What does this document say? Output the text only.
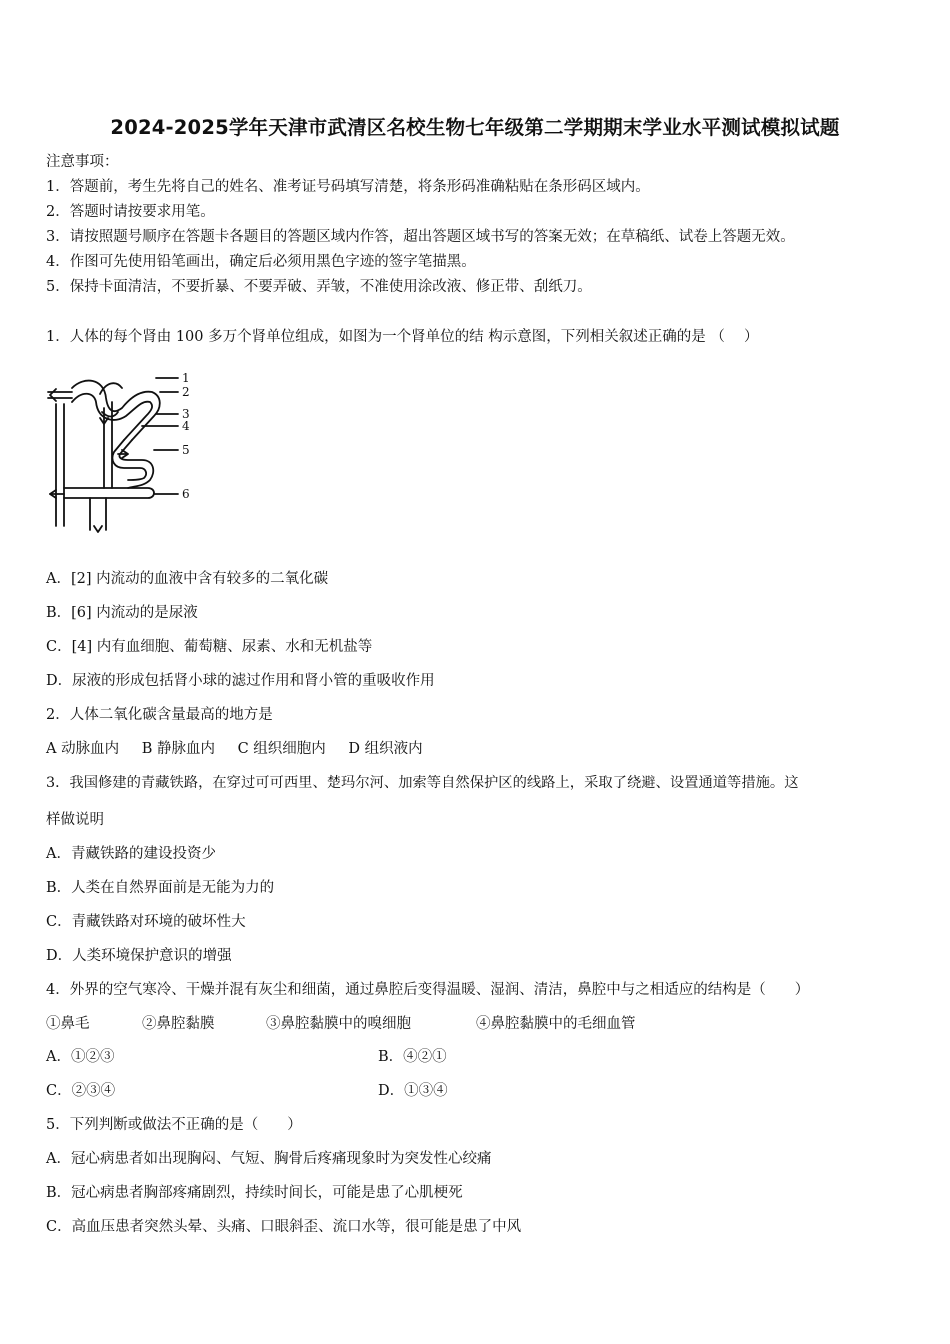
2024-2025学年天津市武清区名校生物七年级第二学期期末学业水平测试模拟试题
注意事项：
1．答题前，考生先将自己的姓名、准考证号码填写清楚，将条形码准确粘贴在条形码区域内。
2．答题时请按要求用笔。
3．请按照题号顺序在答题卡各题目的答题区域内作答，超出答题区域书写的答案无效；在草稿纸、试卷上答题无效。
4．作图可先使用铅笔画出，确定后必须用黑色字迹的签字笔描黑。
5．保持卡面清洁，不要折暴、不要弄破、弄皱，不准使用涂改液、修正带、刮纸刀。
1．人体的每个肾由 100 多万个肾单位组成，如图为一个肾单位的结 构示意图，下列相关叙述正确的是 （　 ）
1
2
3
4
5
6
A．[2] 内流动的血液中含有较多的二氧化碳
B．[6] 内流动的是尿液
C．[4] 内有血细胞、葡萄糖、尿素、水和无机盐等
D．尿液的形成包括肾小球的滤过作用和肾小管的重吸收作用
2．人体二氧化碳含量最高的地方是
A 动脉血内 B 静脉血内 C 组织细胞内 D 组织液内
3．我国修建的青藏铁路，在穿过可可西里、楚玛尔河、加索等自然保护区的线路上，采取了绕避、设置通道等措施。这
样做说明
A．青藏铁路的建设投资少
B．人类在自然界面前是无能为力的
C．青藏铁路对环境的破坏性大
D．人类环境保护意识的增强
4．外界的空气寒冷、干燥并混有灰尘和细菌，通过鼻腔后变得温暖、湿润、清洁，鼻腔中与之相适应的结构是（　　）
①鼻毛	②鼻腔黏膜	③鼻腔黏膜中的嗅细胞	④鼻腔黏膜中的毛细血管
A．①②③	B．④②①
C．②③④	D．①③④
5．下列判断或做法不正确的是（　　）
A．冠心病患者如出现胸闷、气短、胸骨后疼痛现象时为突发性心绞痛
B．冠心病患者胸部疼痛剧烈，持续时间长，可能是患了心肌梗死
C．高血压患者突然头晕、头痛、口眼斜歪、流口水等，很可能是患了中风
